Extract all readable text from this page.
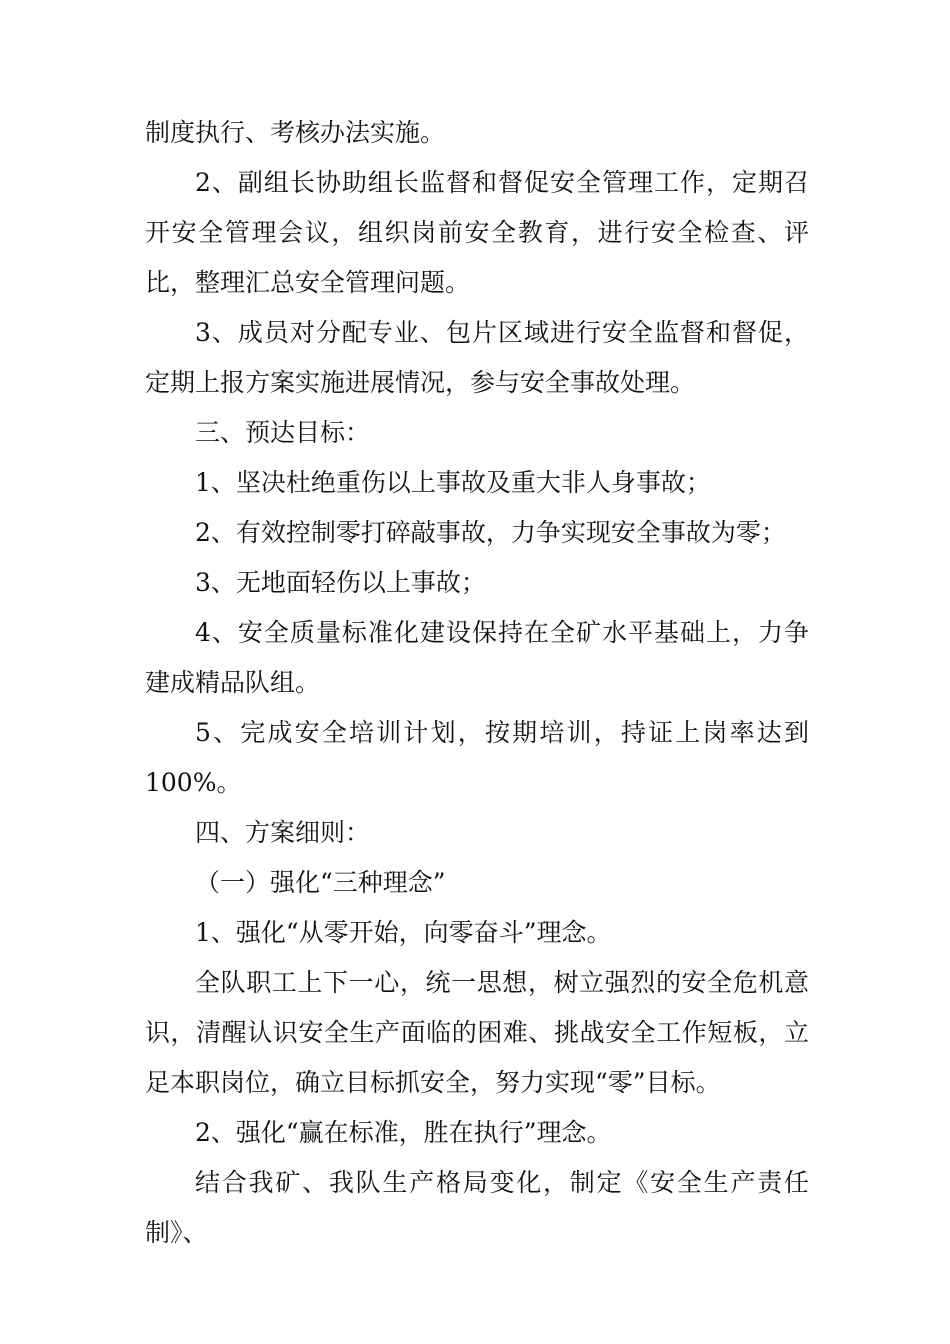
制度执行、考核办法实施。

2、副组长协助组长监督和督促安全管理工作，定期召开安全管理会议，组织岗前安全教育，进行安全检查、评比，整理汇总安全管理问题。

3、成员对分配专业、包片区域进行安全监督和督促，定期上报方案实施进展情况，参与安全事故处理。

三、预达目标：

1、坚决杜绝重伤以上事故及重大非人身事故；

2、有效控制零打碎敲事故，力争实现安全事故为零；

3、无地面轻伤以上事故；

4、安全质量标准化建设保持在全矿水平基础上，力争建成精品队组。

5、完成安全培训计划，按期培训，持证上岗率达到100%。

四、方案细则：

（一）强化“三种理念”

1、强化“从零开始，向零奋斗”理念。

全队职工上下一心，统一思想，树立强烈的安全危机意识，清醒认识安全生产面临的困难、挑战安全工作短板，立足本职岗位，确立目标抓安全，努力实现“零”目标。

2、强化“赢在标准，胜在执行”理念。

结合我矿、我队生产格局变化，制定《安全生产责任制》、
